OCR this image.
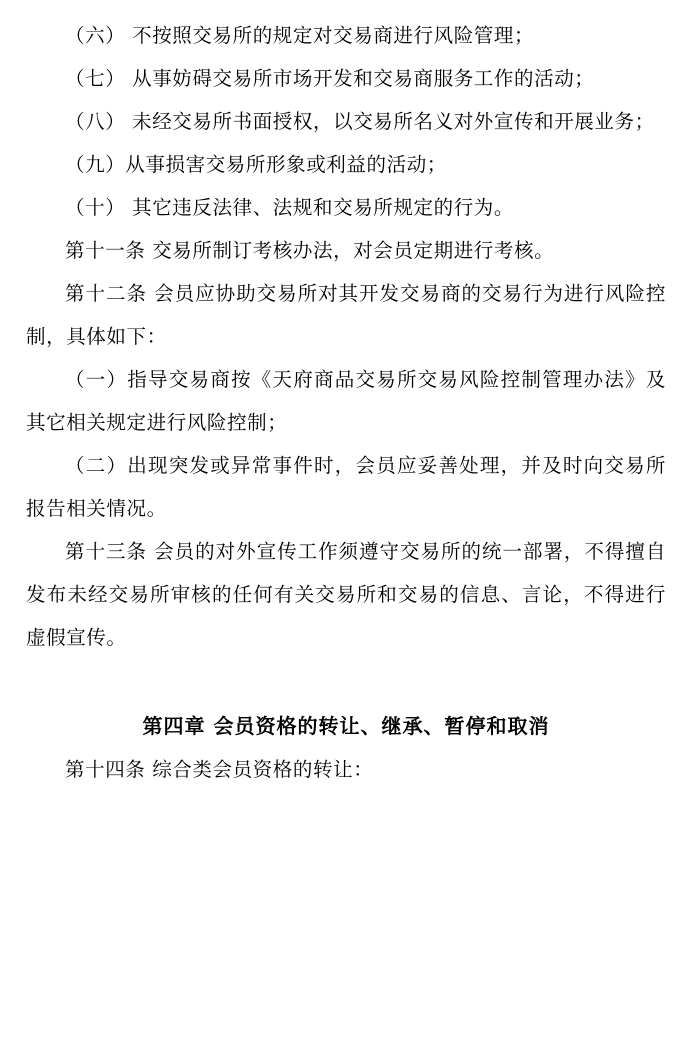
（六） 不按照交易所的规定对交易商进行风险管理；

（七） 从事妨碍交易所市场开发和交易商服务工作的活动；

（八） 未经交易所书面授权，以交易所名义对外宣传和开展业务；

（九）从事损害交易所形象或利益的活动；

（十） 其它违反法律、法规和交易所规定的行为。

第十一条 交易所制订考核办法，对会员定期进行考核。

第十二条 会员应协助交易所对其开发交易商的交易行为进行风险控制，具体如下：

（一）指导交易商按《天府商品交易所交易风险控制管理办法》及其它相关规定进行风险控制；

（二）出现突发或异常事件时，会员应妥善处理，并及时向交易所报告相关情况。

第十三条 会员的对外宣传工作须遵守交易所的统一部署，不得擅自发布未经交易所审核的任何有关交易所和交易的信息、言论，不得进行虚假宣传。

第四章 会员资格的转让、继承、暂停和取消

第十四条 综合类会员资格的转让：
